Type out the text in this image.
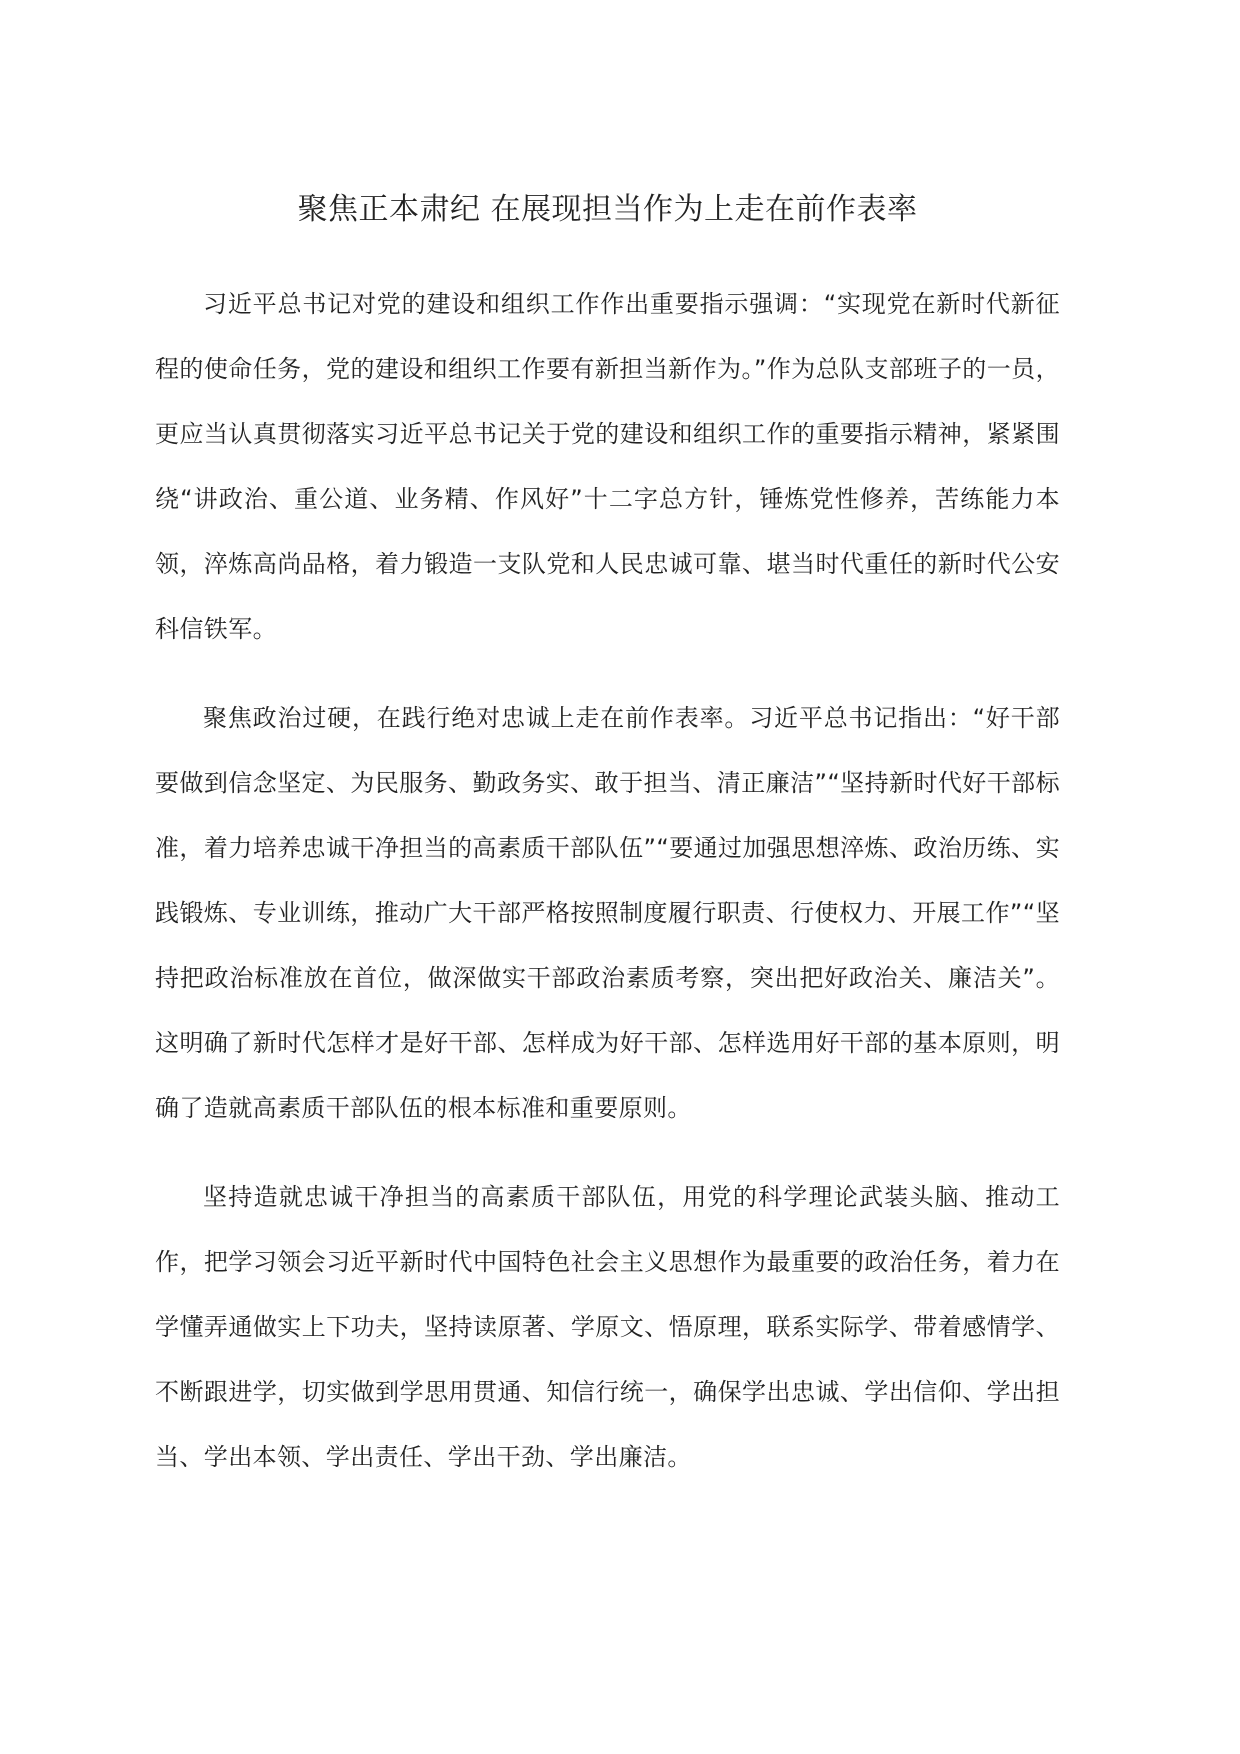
聚焦正本肃纪 在展现担当作为上走在前作表率

习近平总书记对党的建设和组织工作作出重要指示强调：“实现党在新时代新征程的使命任务，党的建设和组织工作要有新担当新作为。”作为总队支部班子的一员，更应当认真贯彻落实习近平总书记关于党的建设和组织工作的重要指示精神，紧紧围绕“讲政治、重公道、业务精、作风好”十二字总方针，锤炼党性修养，苦练能力本领，淬炼高尚品格，着力锻造一支队党和人民忠诚可靠、堪当时代重任的新时代公安科信铁军。

聚焦政治过硬，在践行绝对忠诚上走在前作表率。习近平总书记指出：“好干部要做到信念坚定、为民服务、勤政务实、敢于担当、清正廉洁”“坚持新时代好干部标准，着力培养忠诚干净担当的高素质干部队伍”“要通过加强思想淬炼、政治历练、实践锻炼、专业训练，推动广大干部严格按照制度履行职责、行使权力、开展工作”“坚持把政治标准放在首位，做深做实干部政治素质考察，突出把好政治关、廉洁关”。这明确了新时代怎样才是好干部、怎样成为好干部、怎样选用好干部的基本原则，明确了造就高素质干部队伍的根本标准和重要原则。

坚持造就忠诚干净担当的高素质干部队伍，用党的科学理论武装头脑、推动工作，把学习领会习近平新时代中国特色社会主义思想作为最重要的政治任务，着力在学懂弄通做实上下功夫，坚持读原著、学原文、悟原理，联系实际学、带着感情学、不断跟进学，切实做到学思用贯通、知信行统一，确保学出忠诚、学出信仰、学出担当、学出本领、学出责任、学出干劲、学出廉洁。
